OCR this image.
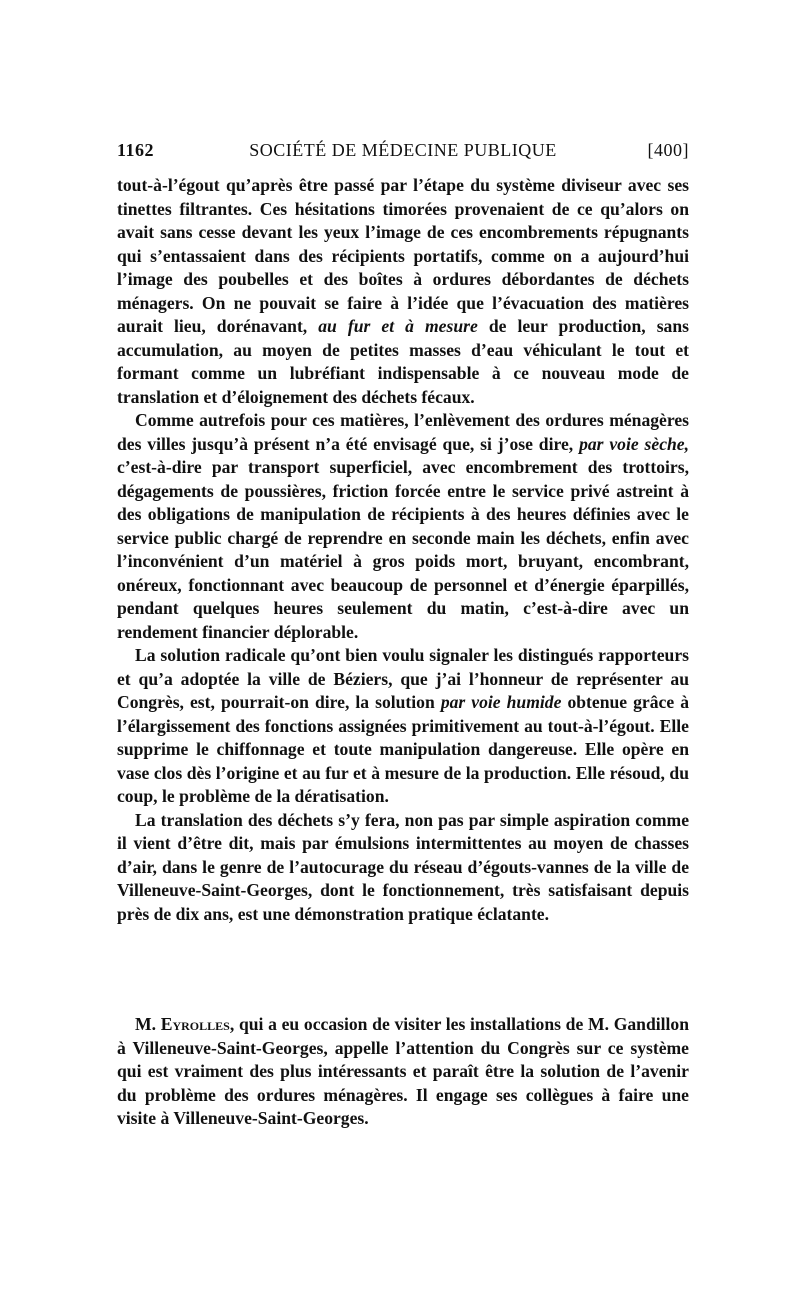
1162	SOCIÉTÉ DE MÉDECINE PUBLIQUE	[400]

tout-à-l’égout qu’après être passé par l’étape du système diviseur avec ses tinettes filtrantes. Ces hésitations timorées provenaient de ce qu’alors on avait sans cesse devant les yeux l’image de ces encombrements répugnants qui s’entassaient dans des récipients portatifs, comme on a aujourd’hui l’image des poubelles et des boîtes à ordures débordantes de déchets ménagers. On ne pouvait se faire à l’idée que l’évacuation des matières aurait lieu, dorénavant, au fur et à mesure de leur production, sans accumulation, au moyen de petites masses d’eau véhiculant le tout et formant comme un lubréfiant indispensable à ce nouveau mode de translation et d’éloignement des déchets fécaux.

Comme autrefois pour ces matières, l’enlèvement des ordures ménagères des villes jusqu’à présent n’a été envisagé que, si j’ose dire, par voie sèche, c’est-à-dire par transport superficiel, avec encombrement des trottoirs, dégagements de poussières, friction forcée entre le service privé astreint à des obligations de manipulation de récipients à des heures définies avec le service public chargé de reprendre en seconde main les déchets, enfin avec l’inconvénient d’un matériel à gros poids mort, bruyant, encombrant, onéreux, fonctionnant avec beaucoup de personnel et d’énergie éparpillés, pendant quelques heures seulement du matin, c’est-à-dire avec un rendement financier déplorable.

La solution radicale qu’ont bien voulu signaler les distingués rapporteurs et qu’a adoptée la ville de Béziers, que j’ai l’honneur de représenter au Congrès, est, pourrait-on dire, la solution par voie humide obtenue grâce à l’élargissement des fonctions assignées primitivement au tout-à-l’égout. Elle supprime le chiffonnage et toute manipulation dangereuse. Elle opère en vase clos dès l’origine et au fur et à mesure de la production. Elle résoud, du coup, le problème de la dératisation.

La translation des déchets s’y fera, non pas par simple aspiration comme il vient d’être dit, mais par émulsions intermittentes au moyen de chasses d’air, dans le genre de l’autocurage du réseau d’égouts-vannes de la ville de Villeneuve-Saint-Georges, dont le fonctionnement, très satisfaisant depuis près de dix ans, est une démonstration pratique éclatante.

M. Eyrolles, qui a eu occasion de visiter les installations de M. Gandillon à Villeneuve-Saint-Georges, appelle l’attention du Congrès sur ce système qui est vraiment des plus intéressants et paraît être la solution de l’avenir du problème des ordures ménagères. Il engage ses collègues à faire une visite à Villeneuve-Saint-Georges.
